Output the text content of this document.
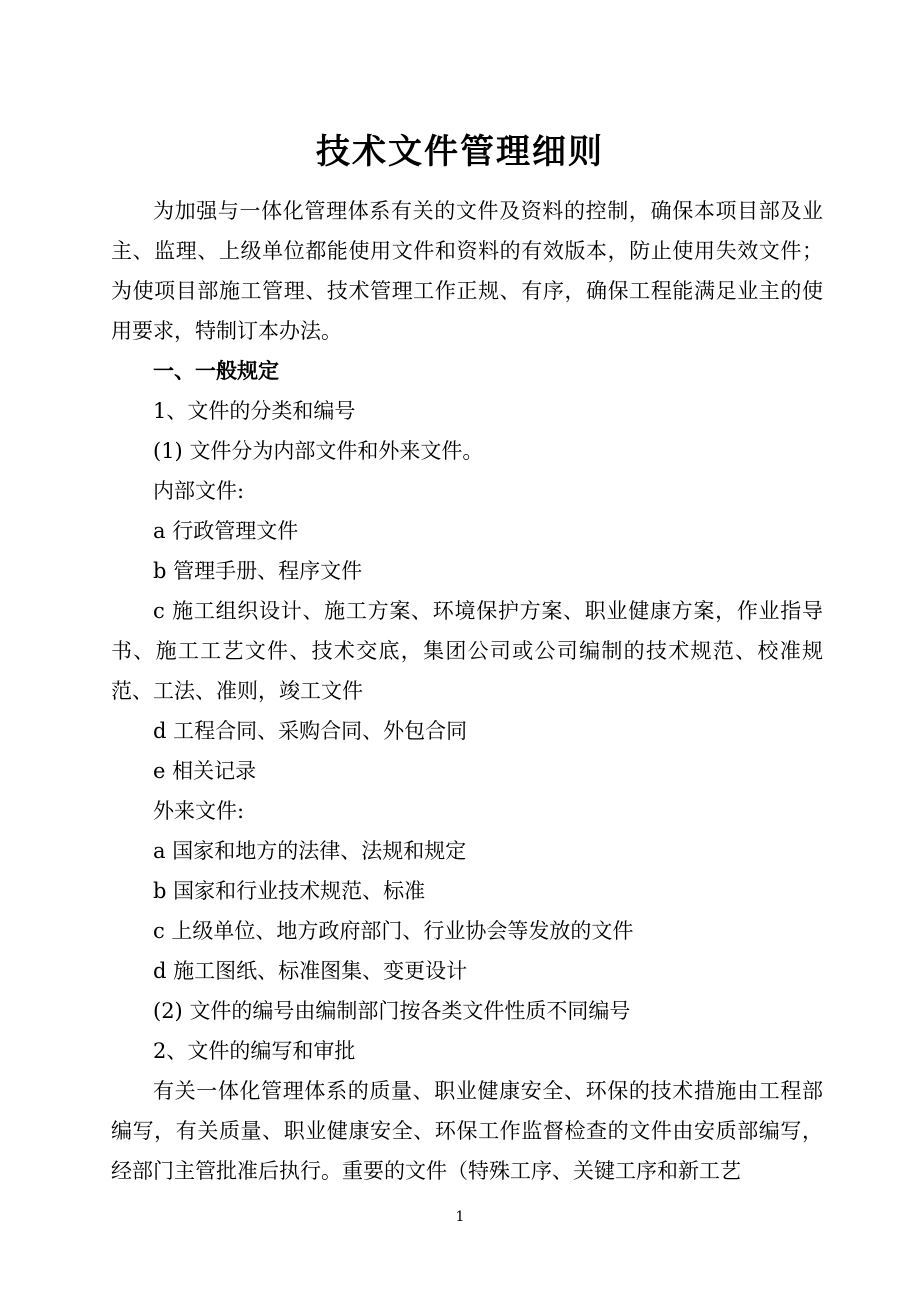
技术文件管理细则

为加强与一体化管理体系有关的文件及资料的控制，确保本项目部及业主、监理、上级单位都能使用文件和资料的有效版本，防止使用失效文件；为使项目部施工管理、技术管理工作正规、有序，确保工程能满足业主的使用要求，特制订本办法。

一、一般规定

1、文件的分类和编号

(1) 文件分为内部文件和外来文件。

内部文件:

a 行政管理文件

b 管理手册、程序文件

c 施工组织设计、施工方案、环境保护方案、职业健康方案，作业指导书、施工工艺文件、技术交底，集团公司或公司编制的技术规范、校准规范、工法、准则，竣工文件

d 工程合同、采购合同、外包合同

e 相关记录

外来文件:

a 国家和地方的法律、法规和规定

b 国家和行业技术规范、标准

c 上级单位、地方政府部门、行业协会等发放的文件

d 施工图纸、标准图集、变更设计

(2) 文件的编号由编制部门按各类文件性质不同编号

2、文件的编写和审批

有关一体化管理体系的质量、职业健康安全、环保的技术措施由工程部编写，有关质量、职业健康安全、环保工作监督检查的文件由安质部编写，经部门主管批准后执行。重要的文件（特殊工序、关键工序和新工艺

1
